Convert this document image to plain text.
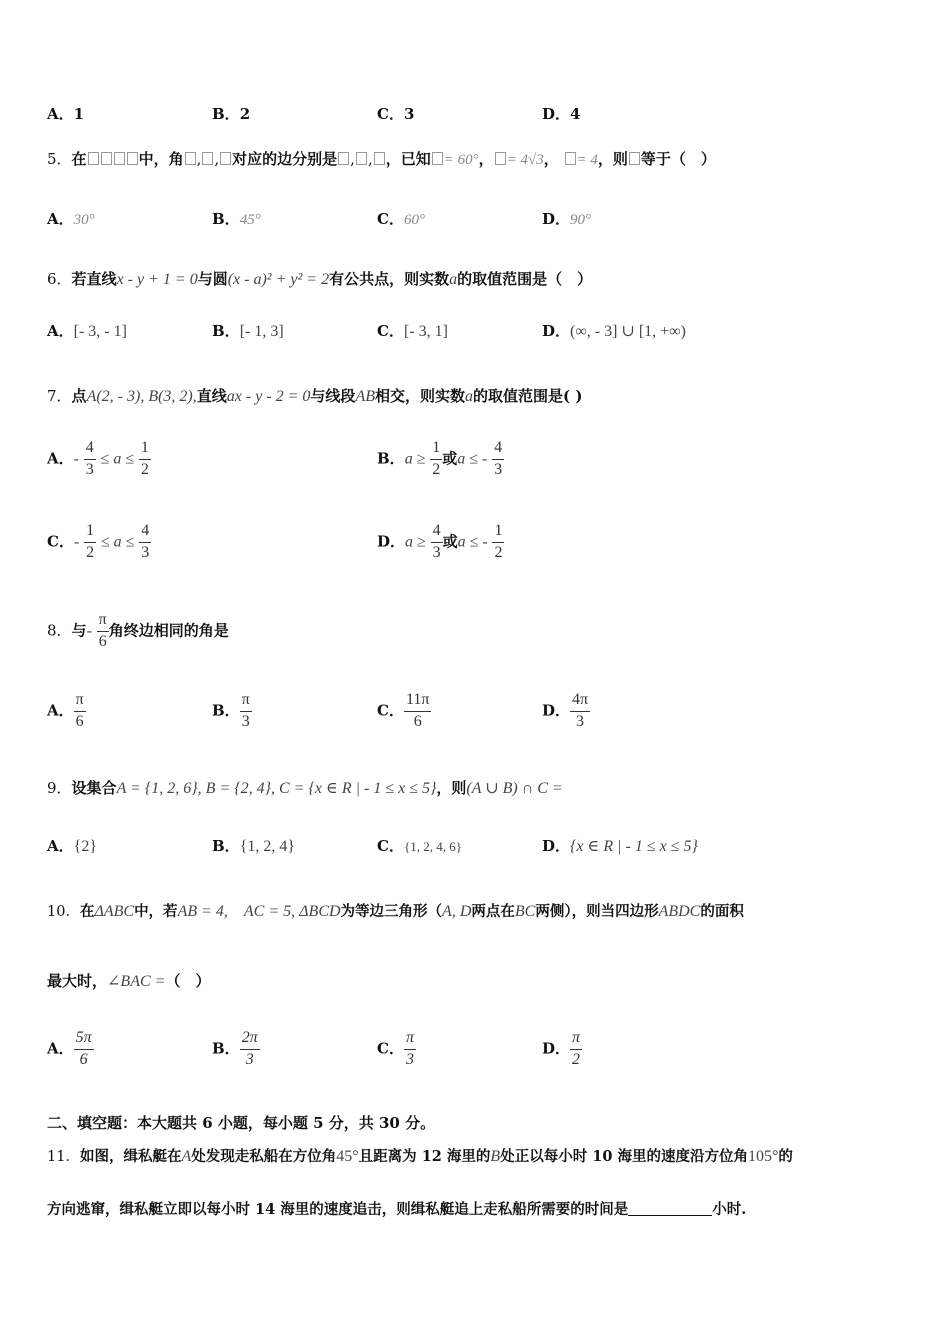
A．1	B．2	C．3	D．4
5．在	中，角 , , 对应的边分别是 , , ，已知 = 60°， = 4√3， = 4，则 等于（　）
A．30°	B．45°	C．60°	D．90°
6．若直线x - y + 1 = 0与圆(x - a)² + y² = 2有公共点，则实数a的取值范围是（　）
A．[- 3, - 1]	B．[- 1, 3]	C．[- 3, 1]	D．(∞, - 3] ∪ [1, +∞)
7．点A(2, - 3), B(3, 2),直线ax - y - 2 = 0与线段AB相交，则实数a的取值范围是( )
A．- $\frac{4}{3} \le a \le \frac{1}{2}$	B．$a \ge \frac{1}{2}$ 或a ≤ - $\frac{4}{3}$
C．- $\frac{1}{2} \le a \le \frac{4}{3}$	D．$a \ge \frac{4}{3}$ 或a ≤ - $\frac{1}{2}$
8．与- $\frac{\pi}{6}$ 角终边相同的角是
A． $\frac{\pi}{6}$	B． $\frac{\pi}{3}$	C． $\frac{11\pi}{6}$	D． $\frac{4\pi}{3}$
9．设集合A = {1, 2, 6}, B = {2, 4}, C = {x ∈ R | - 1 ≤ x ≤ 5}，则(A ∪ B) ∩ C =
A．{2}	B．{1, 2, 4}	C．{1, 2, 4, 6}	D．{x ∈ R | - 1 ≤ x ≤ 5}
10．在ΔABC中，若AB = 4,　AC = 5, ΔBCD为等边三角形（A, D两点在BC两侧），则当四边形ABDC的面积
最大时，∠BAC =（　）
A． $\frac{5\pi}{6}$	B． $\frac{2\pi}{3}$	C． $\frac{\pi}{3}$	D． $\frac{\pi}{2}$
二、填空题：本大题共 6 小题，每小题 5 分，共 30 分。
11．如图，缉私艇在A处发现走私船在方位角45°且距离为 12 海里的B处正以每小时 10 海里的速度沿方位角105°的
方向逃窜，缉私艇立即以每小时 14 海里的速度追击，则缉私艇追上走私船所需要的时间是	小时.
